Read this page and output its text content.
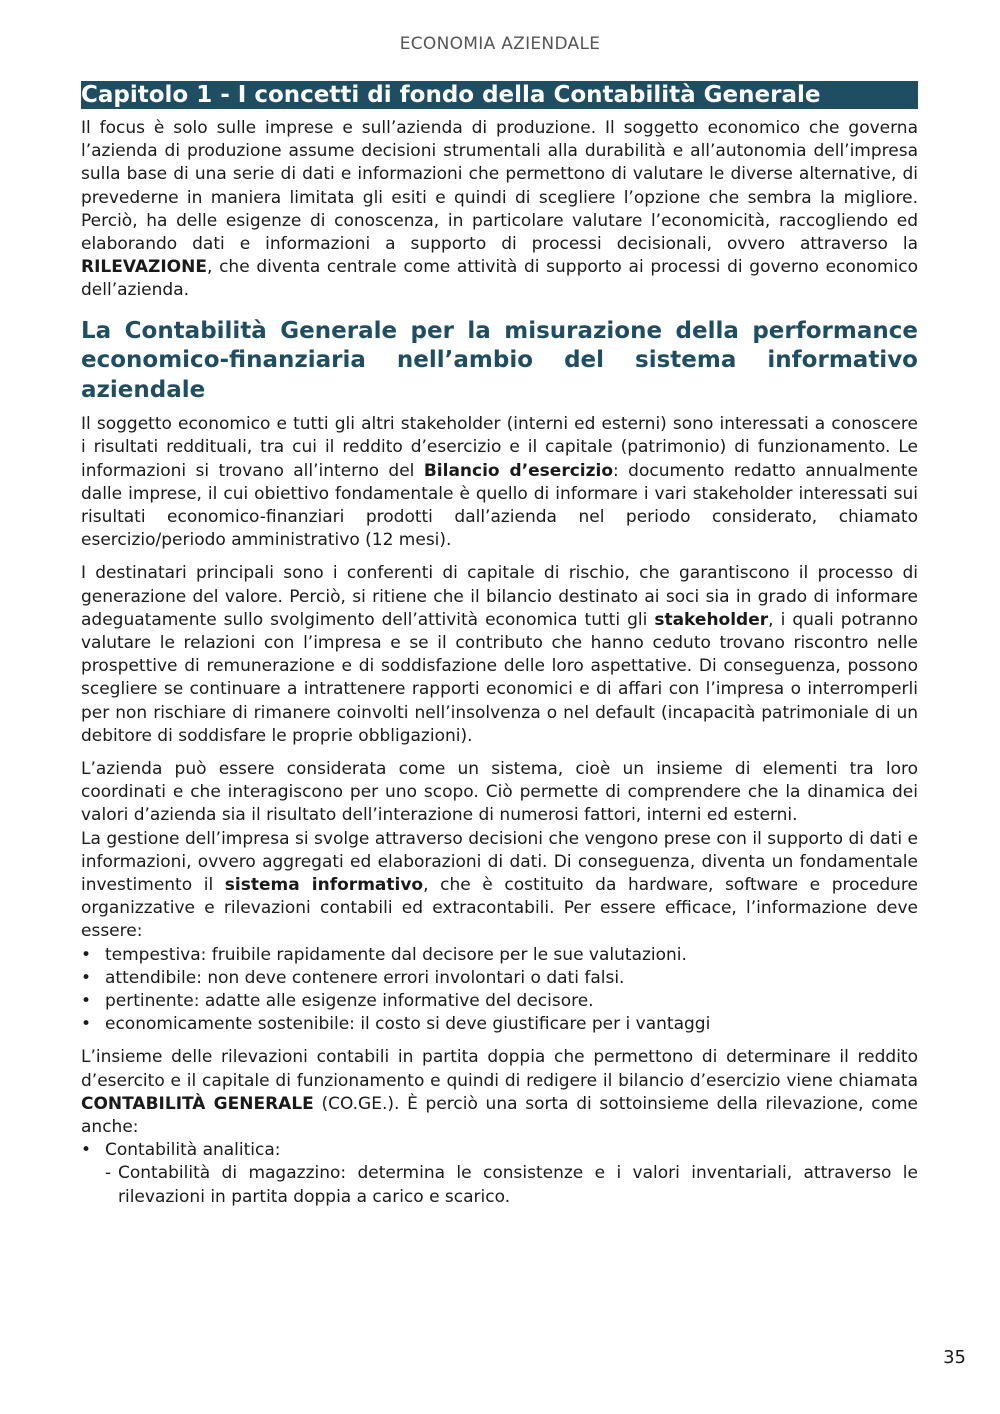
ECONOMIA AZIENDALE
Capitolo 1 - I concetti di fondo della Contabilità Generale

Il focus è solo sulle imprese e sull’azienda di produzione. Il soggetto economico che governa l’azienda di produzione assume decisioni strumentali alla durabilità e all’autonomia dell’impresa sulla base di una serie di dati e informazioni che permettono di valutare le diverse alternative, di prevederne in maniera limitata gli esiti e quindi di scegliere l’opzione che sembra la migliore. Perciò, ha delle esigenze di conoscenza, in particolare valutare l’economicità, raccogliendo ed elaborando dati e informazioni a supporto di processi decisionali, ovvero attraverso la RILEVAZIONE, che diventa centrale come attività di supporto ai processi di governo economico dell’azienda.

La Contabilità Generale per la misurazione della performance economico-finanziaria nell’ambio del sistema informativo aziendale

Il soggetto economico e tutti gli altri stakeholder (interni ed esterni) sono interessati a conoscere i risultati reddituali, tra cui il reddito d’esercizio e il capitale (patrimonio) di funzionamento. Le informazioni si trovano all’interno del Bilancio d’esercizio: documento redatto annualmente dalle imprese, il cui obiettivo fondamentale è quello di informare i vari stakeholder interessati sui risultati economico-finanziari prodotti dall’azienda nel periodo considerato, chiamato esercizio/periodo amministrativo (12 mesi).

I destinatari principali sono i conferenti di capitale di rischio, che garantiscono il processo di generazione del valore. Perciò, si ritiene che il bilancio destinato ai soci sia in grado di informare adeguatamente sullo svolgimento dell’attività economica tutti gli stakeholder, i quali potranno valutare le relazioni con l’impresa e se il contributo che hanno ceduto trovano riscontro nelle prospettive di remunerazione e di soddisfazione delle loro aspettative. Di conseguenza, possono scegliere se continuare a intrattenere rapporti economici e di affari con l’impresa o interromperli per non rischiare di rimanere coinvolti nell’insolvenza o nel default (incapacità patrimoniale di un debitore di soddisfare le proprie obbligazioni).

L’azienda può essere considerata come un sistema, cioè un insieme di elementi tra loro coordinati e che interagiscono per uno scopo. Ciò permette di comprendere che la dinamica dei valori d’azienda sia il risultato dell’interazione di numerosi fattori, interni ed esterni.

La gestione dell’impresa si svolge attraverso decisioni che vengono prese con il supporto di dati e informazioni, ovvero aggregati ed elaborazioni di dati. Di conseguenza, diventa un fondamentale investimento il sistema informativo, che è costituito da hardware, software e procedure organizzative e rilevazioni contabili ed extracontabili. Per essere efficace, l’informazione deve essere:

• tempestiva: fruibile rapidamente dal decisore per le sue valutazioni.
• attendibile: non deve contenere errori involontari o dati falsi.
• pertinente: adatte alle esigenze informative del decisore.
• economicamente sostenibile: il costo si deve giustificare per i vantaggi

L’insieme delle rilevazioni contabili in partita doppia che permettono di determinare il reddito d’esercito e il capitale di funzionamento e quindi di redigere il bilancio d’esercizio viene chiamata CONTABILITÀ GENERALE (CO.GE.). È perciò una sorta di sottoinsieme della rilevazione, come anche:

• Contabilità analitica:
- Contabilità di magazzino: determina le consistenze e i valori inventariali, attraverso le rilevazioni in partita doppia a carico e scarico.
35
